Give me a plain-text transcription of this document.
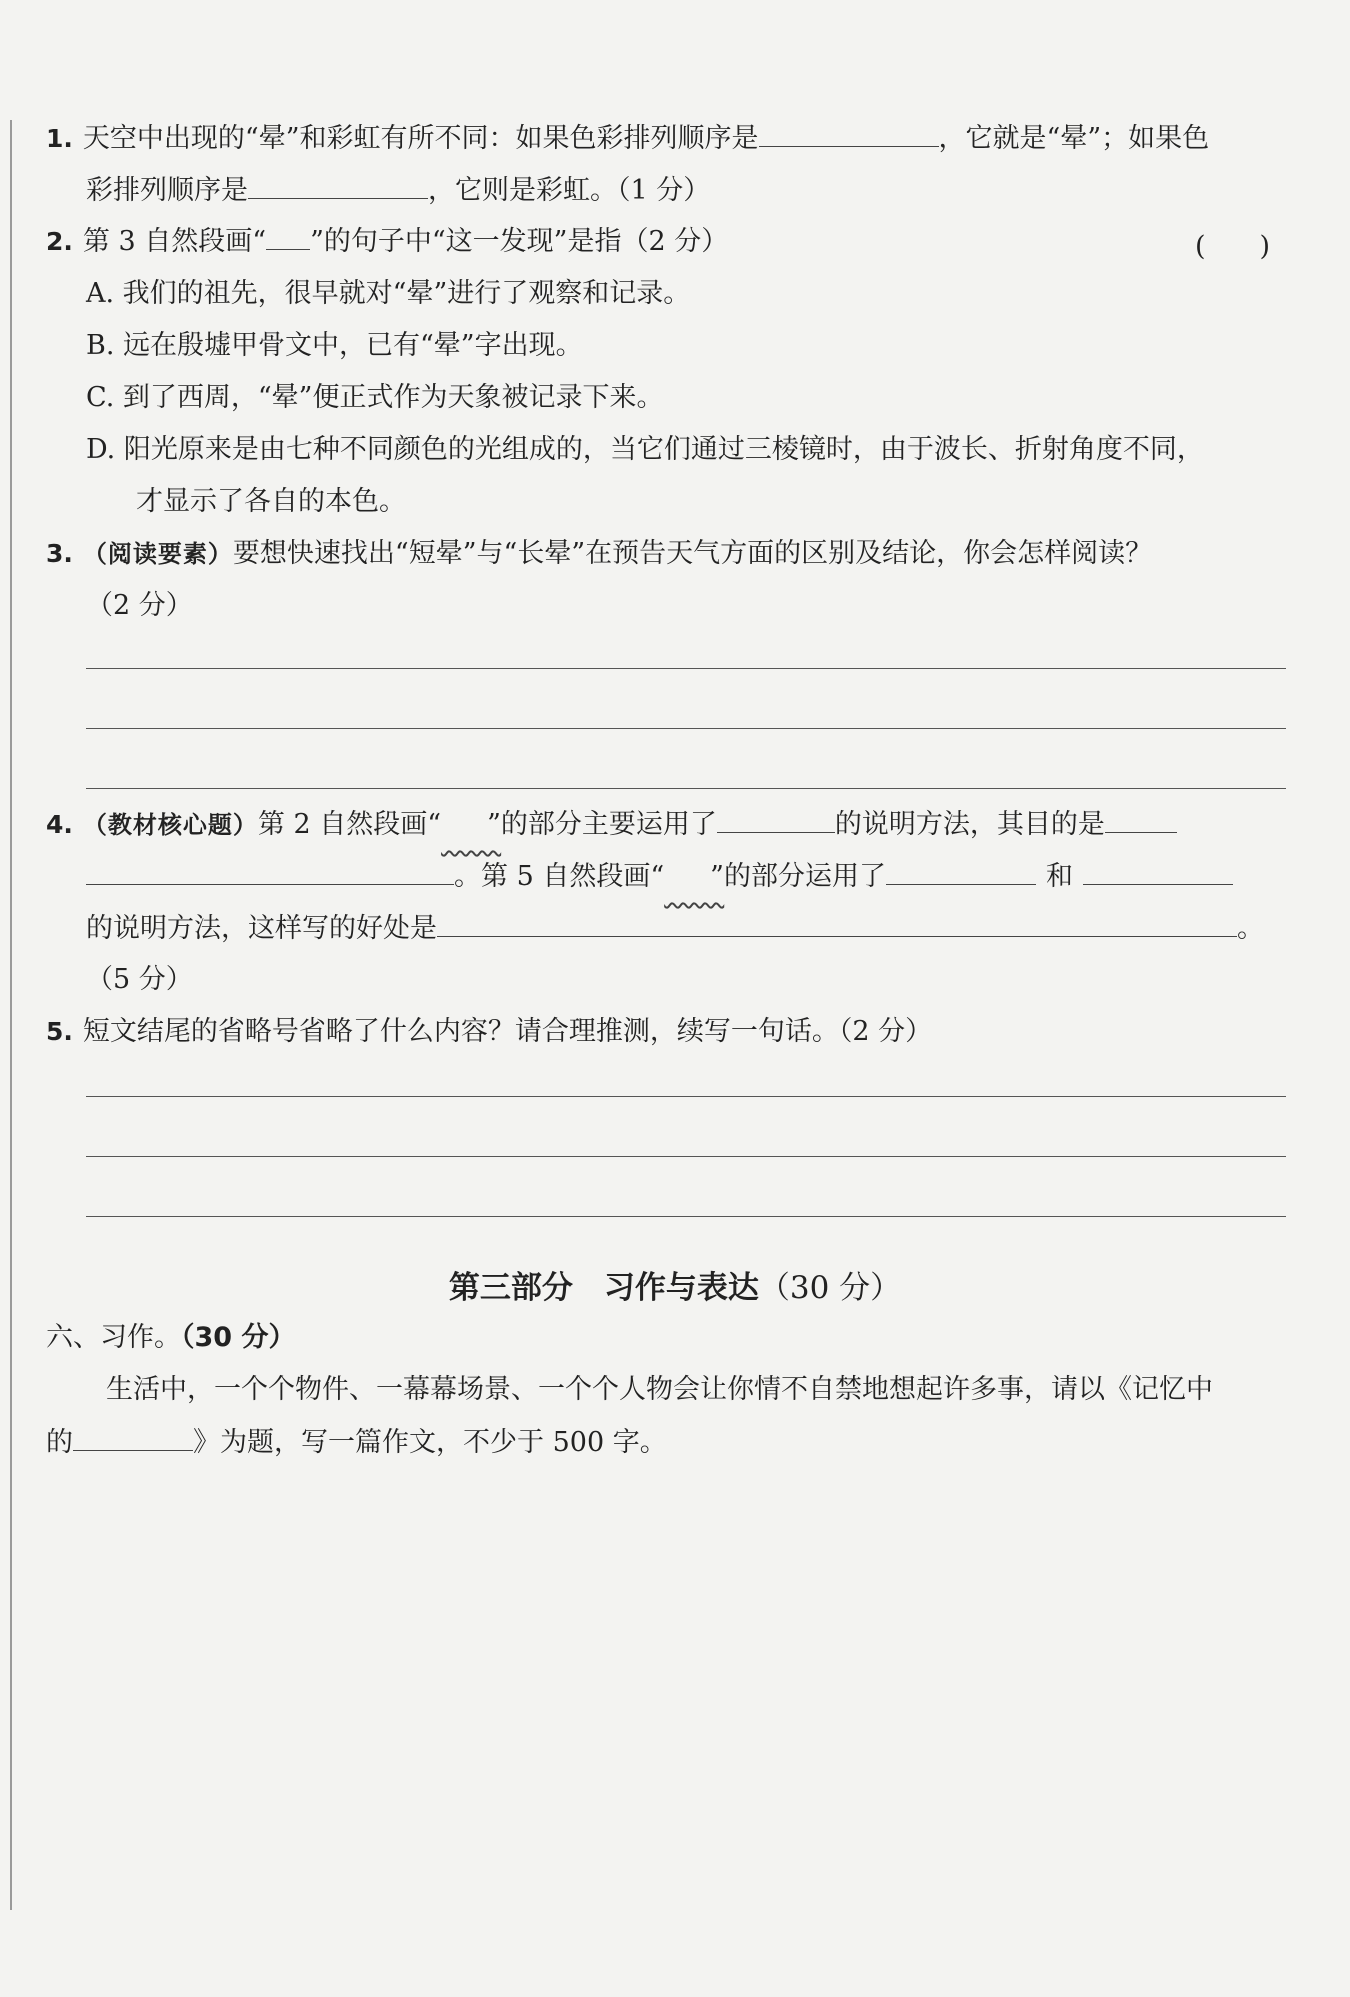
1. 天空中出现的“晕”和彩虹有所不同：如果色彩排列顺序是	，它就是“晕”；如果色
彩排列顺序是	，它则是彩虹。（1 分）
2. 第 3 自然段画“ ”的句子中“这一发现”是指（2 分）	(　　)
A. 我们的祖先，很早就对“晕”进行了观察和记录。
B. 远在殷墟甲骨文中，已有“晕”字出现。
C. 到了西周，“晕”便正式作为天象被记录下来。
D. 阳光原来是由七种不同颜色的光组成的，当它们通过三棱镜时，由于波长、折射角度不同，
才显示了各自的本色。
3. （阅读要素）要想快速找出“短晕”与“长晕”在预告天气方面的区别及结论，你会怎样阅读？
（2 分）
4. （教材核心题）第 2 自然段画“​       ”的部分主要运用了	的说明方法，其目的是
。第 5 自然段画“​       ”的部分运用了	和
的说明方法，这样写的好处是	。
（5 分）
5. 短文结尾的省略号省略了什么内容？请合理推测，续写一句话。（2 分）
第三部分　习作与表达（30 分）
六、习作。（30 分）
生活中，一个个物件、一幕幕场景、一个个人物会让你情不自禁地想起许多事，请以《记忆中
的	》为题，写一篇作文，不少于 500 字。
